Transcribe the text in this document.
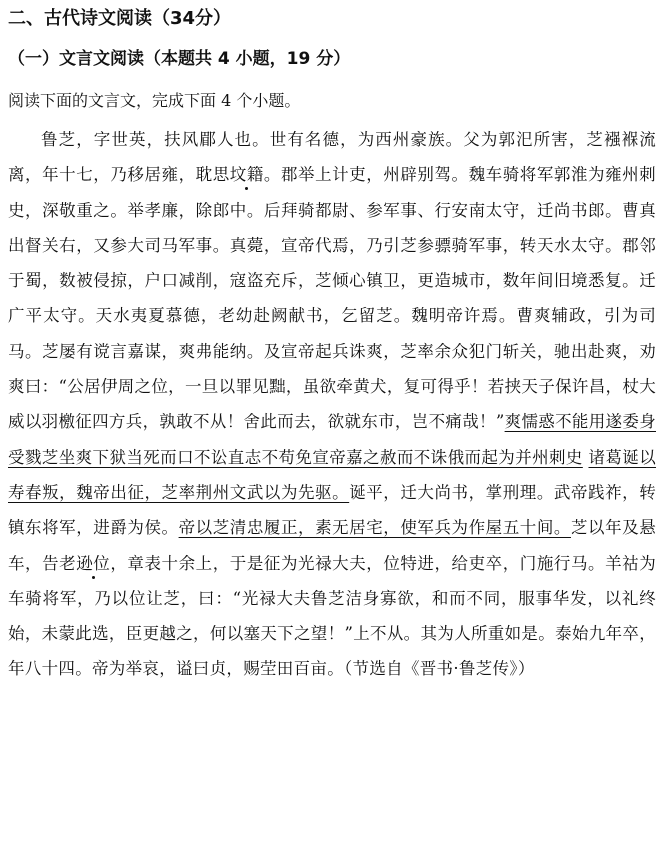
二、古代诗文阅读（34分）
（一）文言文阅读（本题共 4 小题，19 分）
阅读下面的文言文，完成下面 4 个小题。

鲁芝，字世英，扶风郿人也。世有名德，为西州豪族。父为郭汜所害，芝襁褓流离，年十七，乃移居雍，耽思坟籍。郡举上计吏，州辟别驾。魏车骑将军郭淮为雍州刺史，深敬重之。举孝廉，除郎中。后拜骑都尉、参军事、行安南太守，迁尚书郎。曹真出督关右，又参大司马军事。真薨，宣帝代焉，乃引芝参骠骑军事，转天水太守。郡邻于蜀，数被侵掠，户口减削，寇盗充斥，芝倾心镇卫，更造城市，数年间旧境悉复。迁广平太守。天水夷夏慕德，老幼赴阙献书，乞留芝。魏明帝许焉。曹爽辅政，引为司马。芝屡有谠言嘉谋，爽弗能纳。及宣帝起兵诛爽，芝率余众犯门斩关，驰出赴爽，劝爽曰：“公居伊周之位，一旦以罪见黜，虽欲牵黄犬，复可得乎！若挟天子保许昌，杖大威以羽檄征四方兵，孰敢不从！舍此而去，欲就东市，岂不痛哉！”爽懦惑不能用遂委身受戮芝坐爽下狱当死而口不讼直志不苟免宣帝嘉之赦而不诛俄而起为并州刺史 诸葛诞以寿春叛，魏帝出征，芝率荆州文武以为先驱。诞平，迁大尚书，掌刑理。武帝践祚，转镇东将军，进爵为侯。帝以芝清忠履正，素无居宅，使军兵为作屋五十间。芝以年及悬车，告老逊位，章表十余上，于是征为光禄大夫，位特进，给吏卒，门施行马。羊祜为车骑将军，乃以位让芝，曰：“光禄大夫鲁芝洁身寡欲，和而不同，服事华发，以礼终始，未蒙此选，臣更越之，何以塞天下之望！”上不从。其为人所重如是。泰始九年卒，年八十四。帝为举哀，谥曰贞，赐茔田百亩。（节选自《晋书·鲁芝传》）
